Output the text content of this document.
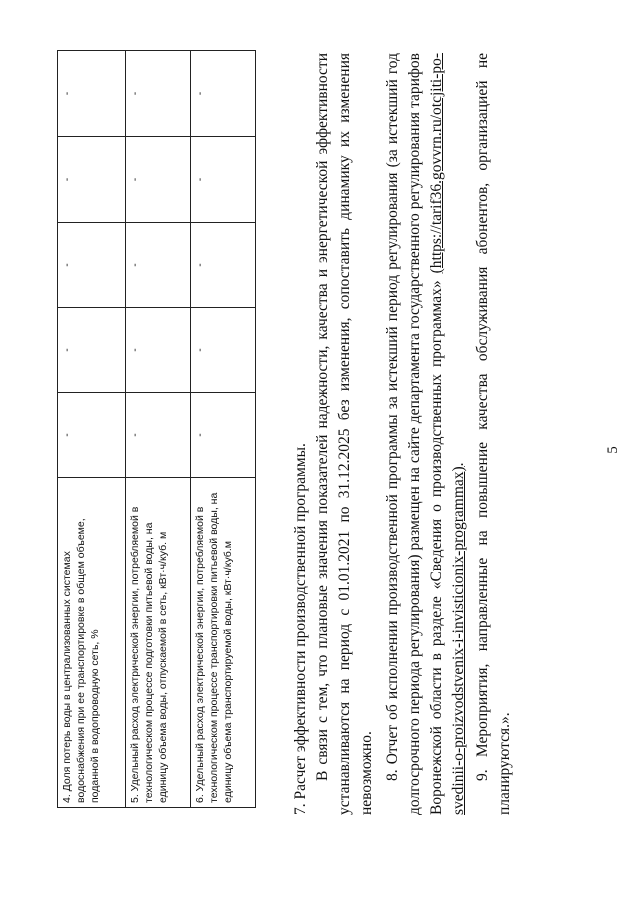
5
4. Доля потерь воды в централизованных системах водоснабжения при ее транспортировке в общем объеме, поданной в водопроводную сеть, %	-	-	-	-	-
5. Удельный расход электрической энергии, потребляемой в технологическом процессе подготовки питьевой воды, на единицу объема воды, отпускаемой в сеть, кВт·ч/куб. м	-	-	-	-	-
6. Удельный расход электрической энергии, потребляемой в технологическом процессе транспортировки питьевой воды, на единицу объема транспортируемой воды, кВт·ч/куб.м	-	-	-	-	-

7. Расчет эффективности производственной программы. В связи с тем, что плановые значения показателей надежности, качества и энергетической эффективности устанавливаются на период с 01.01.2021 по 31.12.2025 без изменения, сопоставить динамику их изменения невозможно. 8. Отчет об исполнении производственной программы за истекший период регулирования (за истекший год долгосрочного периода регулирования) размещен на сайте департамента государственного регулирования тарифов Воронежской области в разделе «Сведения о производственных программах» (https://tarif36.govvrn.ru/otcjiti-po-svedinii-o-proizvodstvenix-i-invisticionix-programmax). 9. Мероприятия, направленные на повышение качества обслуживания абонентов, организацией не планируются.».
